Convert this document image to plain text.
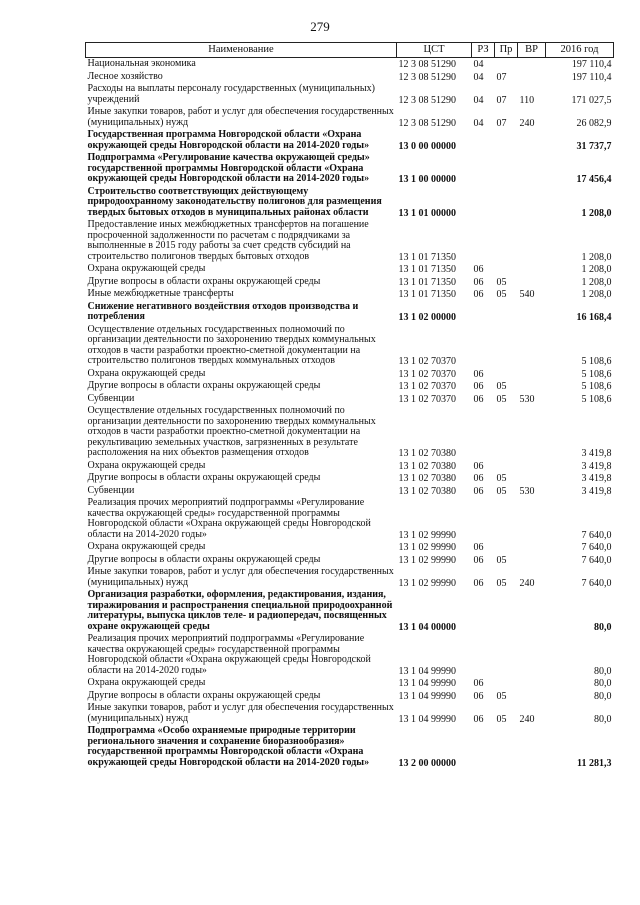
279
Наименование	ЦСТ	РЗ	Пр	ВР	2016 год
Национальная экономика	12 3 08 51290	04			197 110,4
Лесное хозяйство	12 3 08 51290	04	07		197 110,4
Расходы на выплаты персоналу государственных (муниципальных) учреждений	12 3 08 51290	04	07	110	171 027,5
Иные закупки товаров, работ и услуг для обеспечения государственных (муниципальных) нужд	12 3 08 51290	04	07	240	26 082,9
Государственная программа Новгородской области «Охрана окружающей среды Новгородской области на 2014-2020 годы»	13 0 00 00000				31 737,7
Подпрограмма «Регулирование качества окружающей среды» государственной программы Новгородской области «Охрана окружающей среды Новгородской области на 2014-2020 годы»	13 1 00 00000				17 456,4
Строительство соответствующих действующему природоохранному законодательству полигонов для размещения твердых бытовых отходов в муниципальных районах области	13 1 01 00000				1 208,0
Предоставление иных межбюджетных трансфертов на погашение просроченной задолженности по расчетам с подрядчиками за выполненные в 2015 году работы за счет средств субсидий на строительство полигонов твердых бытовых отходов	13 1 01 71350				1 208,0
Охрана окружающей среды	13 1 01 71350	06			1 208,0
Другие вопросы в области охраны окружающей среды	13 1 01 71350	06	05		1 208,0
Иные межбюджетные трансферты	13 1 01 71350	06	05	540	1 208,0
Снижение негативного воздействия отходов производства и потребления	13 1 02 00000				16 168,4
Осуществление отдельных государственных полномочий по организации деятельности по захоронению твердых коммунальных отходов в части разработки проектно-сметной документации на строительство полигонов твердых коммунальных отходов	13 1 02 70370				5 108,6
Охрана окружающей среды	13 1 02 70370	06			5 108,6
Другие вопросы в области охраны окружающей среды	13 1 02 70370	06	05		5 108,6
Субвенции	13 1 02 70370	06	05	530	5 108,6
Осуществление отдельных государственных полномочий по организации деятельности по захоронению твердых коммунальных отходов в части разработки проектно-сметной документации на рекультивацию земельных участков, загрязненных в результате расположения на них объектов размещения отходов	13 1 02 70380				3 419,8
Охрана окружающей среды	13 1 02 70380	06			3 419,8
Другие вопросы в области охраны окружающей среды	13 1 02 70380	06	05		3 419,8
Субвенции	13 1 02 70380	06	05	530	3 419,8
Реализация прочих мероприятий подпрограммы «Регулирование качества окружающей среды» государственной программы Новгородской области «Охрана окружающей среды Новгородской области на 2014-2020 годы»	13 1 02 99990				7 640,0
Охрана окружающей среды	13 1 02 99990	06			7 640,0
Другие вопросы в области охраны окружающей среды	13 1 02 99990	06	05		7 640,0
Иные закупки товаров, работ и услуг для обеспечения государственных (муниципальных) нужд	13 1 02 99990	06	05	240	7 640,0
Организация разработки, оформления, редактирования, издания, тиражирования и распространения специальной природоохранной литературы, выпуска циклов теле- и радиопередач, посвященных охране окружающей среды	13 1 04 00000				80,0
Реализация прочих мероприятий подпрограммы «Регулирование качества окружающей среды» государственной программы Новгородской области «Охрана окружающей среды Новгородской области на 2014-2020 годы»	13 1 04 99990				80,0
Охрана окружающей среды	13 1 04 99990	06			80,0
Другие вопросы в области охраны окружающей среды	13 1 04 99990	06	05		80,0
Иные закупки товаров, работ и услуг для обеспечения государственных (муниципальных) нужд	13 1 04 99990	06	05	240	80,0
Подпрограмма «Особо охраняемые природные территории регионального значения и сохранение биоразнообразия» государственной программы Новгородской области «Охрана окружающей среды Новгородской области на 2014-2020 годы»	13 2 00 00000				11 281,3
